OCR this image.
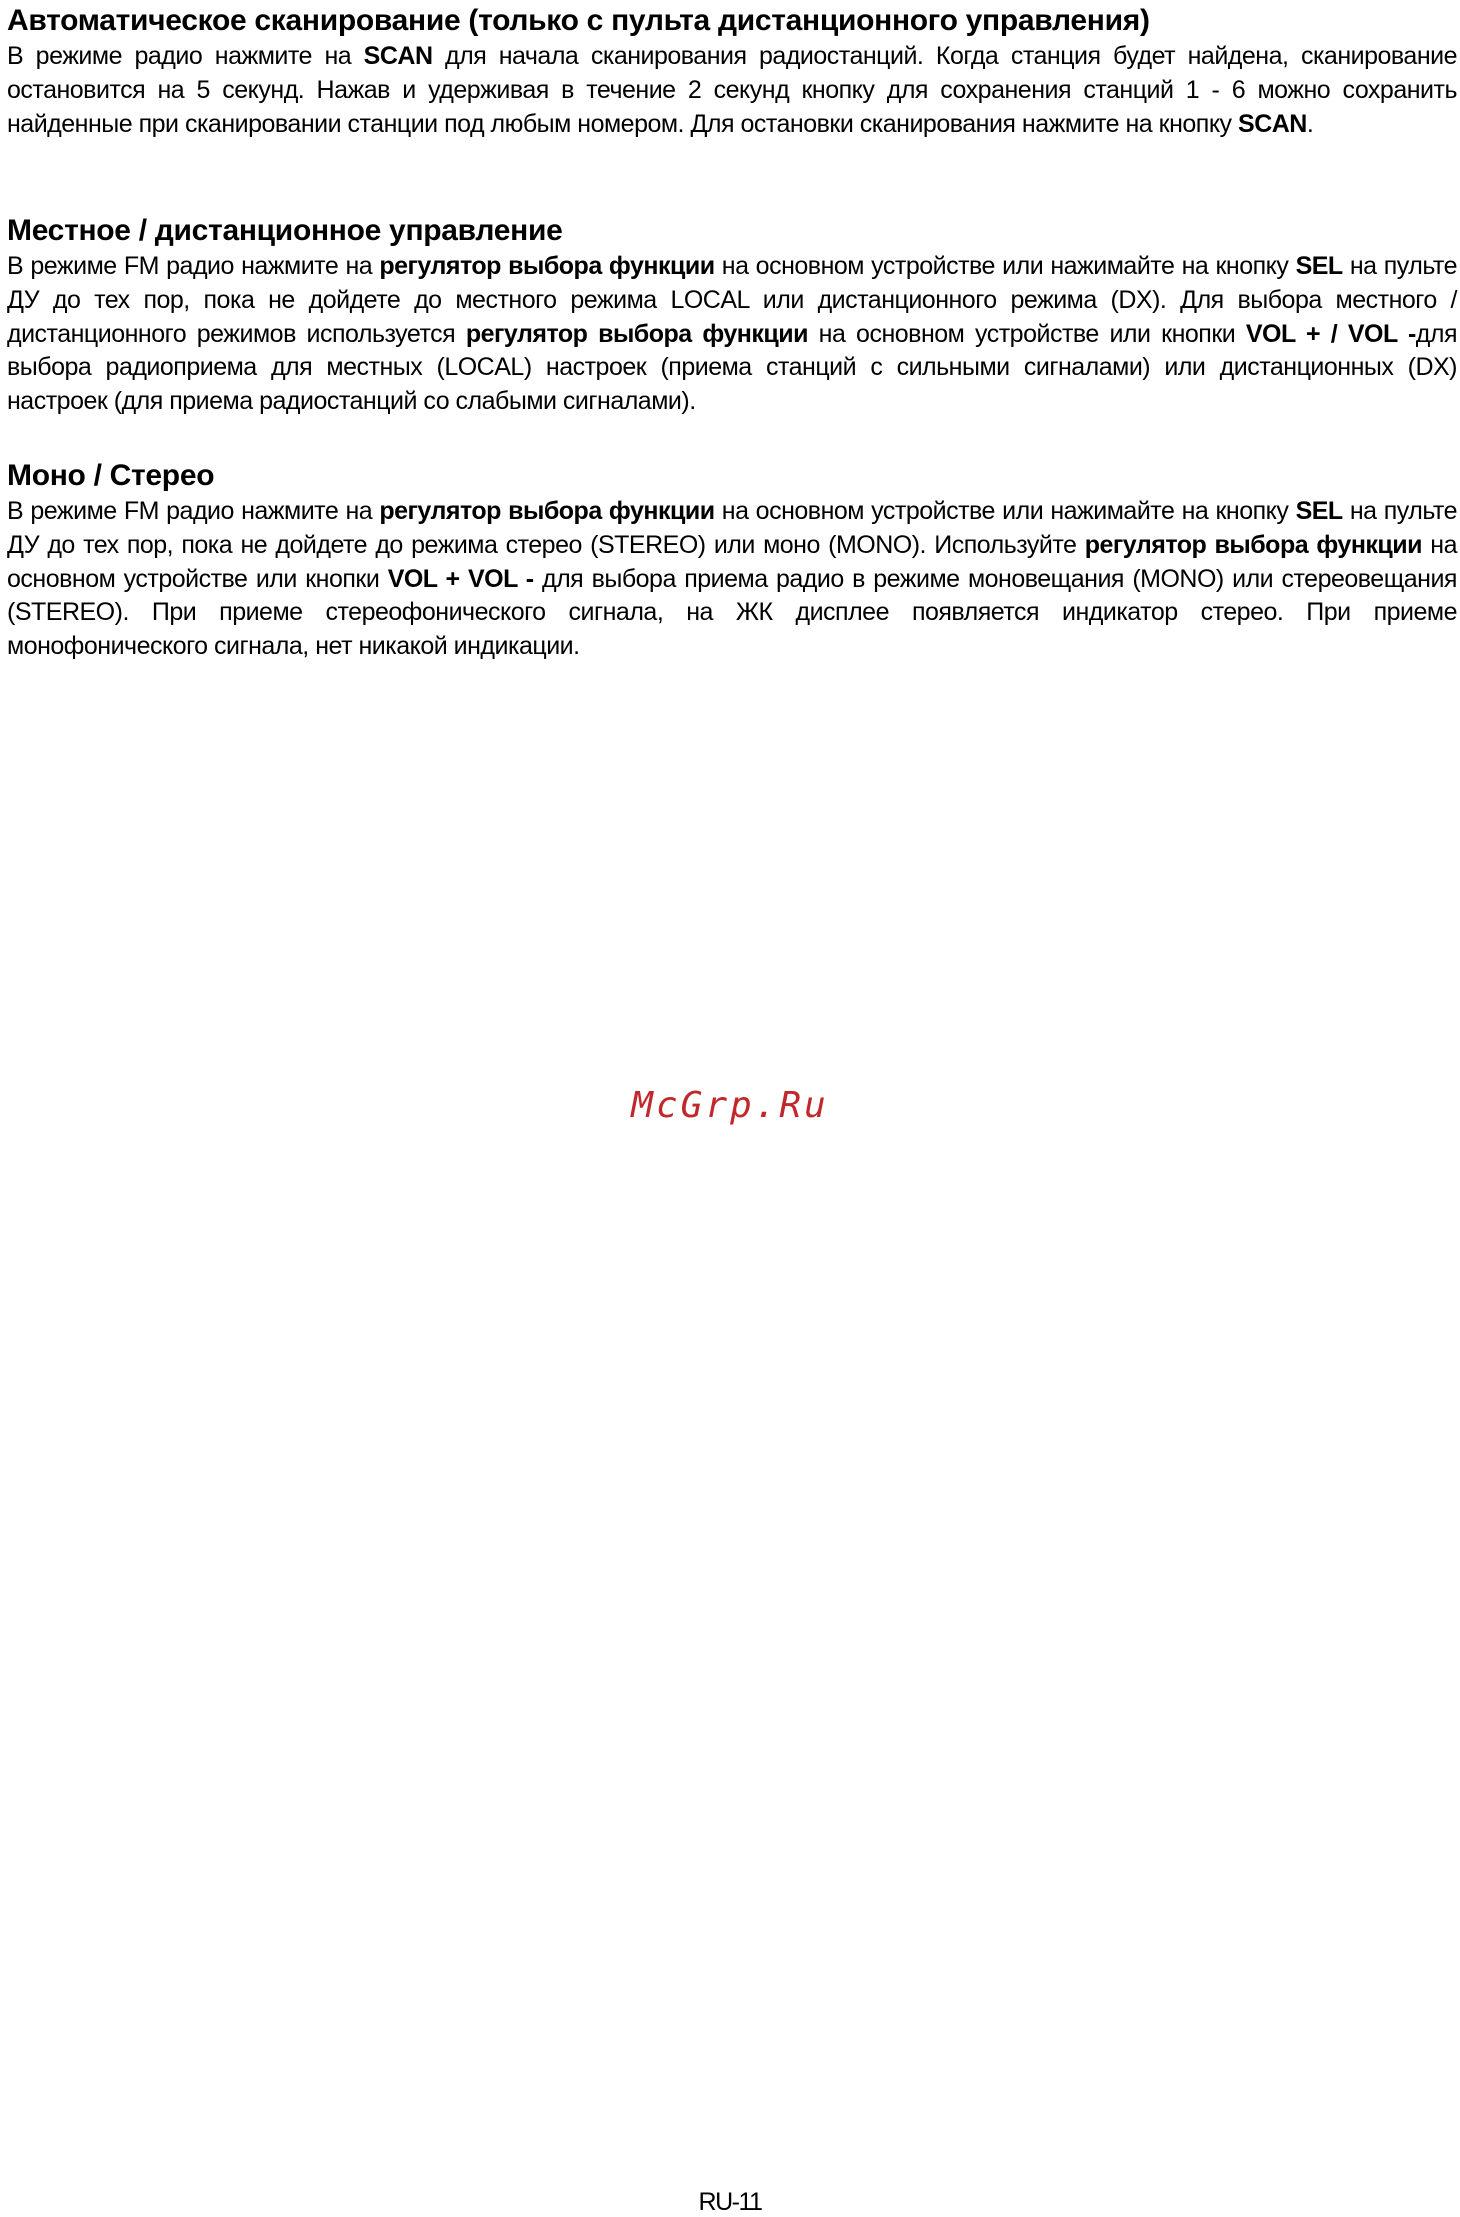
Автоматическое сканирование (только с пульта дистанционного управления)

В режиме радио нажмите на SCAN для начала сканирования радиостанций. Когда станция будет найдена, сканирование остановится на 5 секунд. Нажав и удерживая в течение 2 секунд кнопку для сохранения станций 1 - 6 можно сохранить найденные при сканировании станции под любым номером. Для остановки сканирования нажмите на кнопку SCAN.

Местное / дистанционное управление

В режиме FM радио нажмите на регулятор выбора функции на основном устройстве или нажимайте на кнопку SEL на пульте ДУ до тех пор, пока не дойдете до местного режима LOCAL или дистанционного режима (DX). Для выбора местного / дистанционного режимов используется регулятор выбора функции на основном устройстве или кнопки VOL + / VOL -для выбора радиоприема для местных (LOCAL) настроек (приема станций с сильными сигналами) или дистанционных (DX) настроек (для приема радиостанций со слабыми сигналами).

Моно / Стерео

В режиме FM радио нажмите на регулятор выбора функции на основном устройстве или нажимайте на кнопку SEL на пульте ДУ до тех пор, пока не дойдете до режима стерео (STEREO) или моно (MONO). Используйте регулятор выбора функции на основном устройстве или кнопки VOL + VOL - для выбора приема радио в режиме моновещания (MONO) или стереовещания (STEREO). При приеме стереофонического сигнала, на ЖК дисплее появляется индикатор стерео. При приеме монофонического сигнала, нет никакой индикации.

McGrp.Ru
RU-11
